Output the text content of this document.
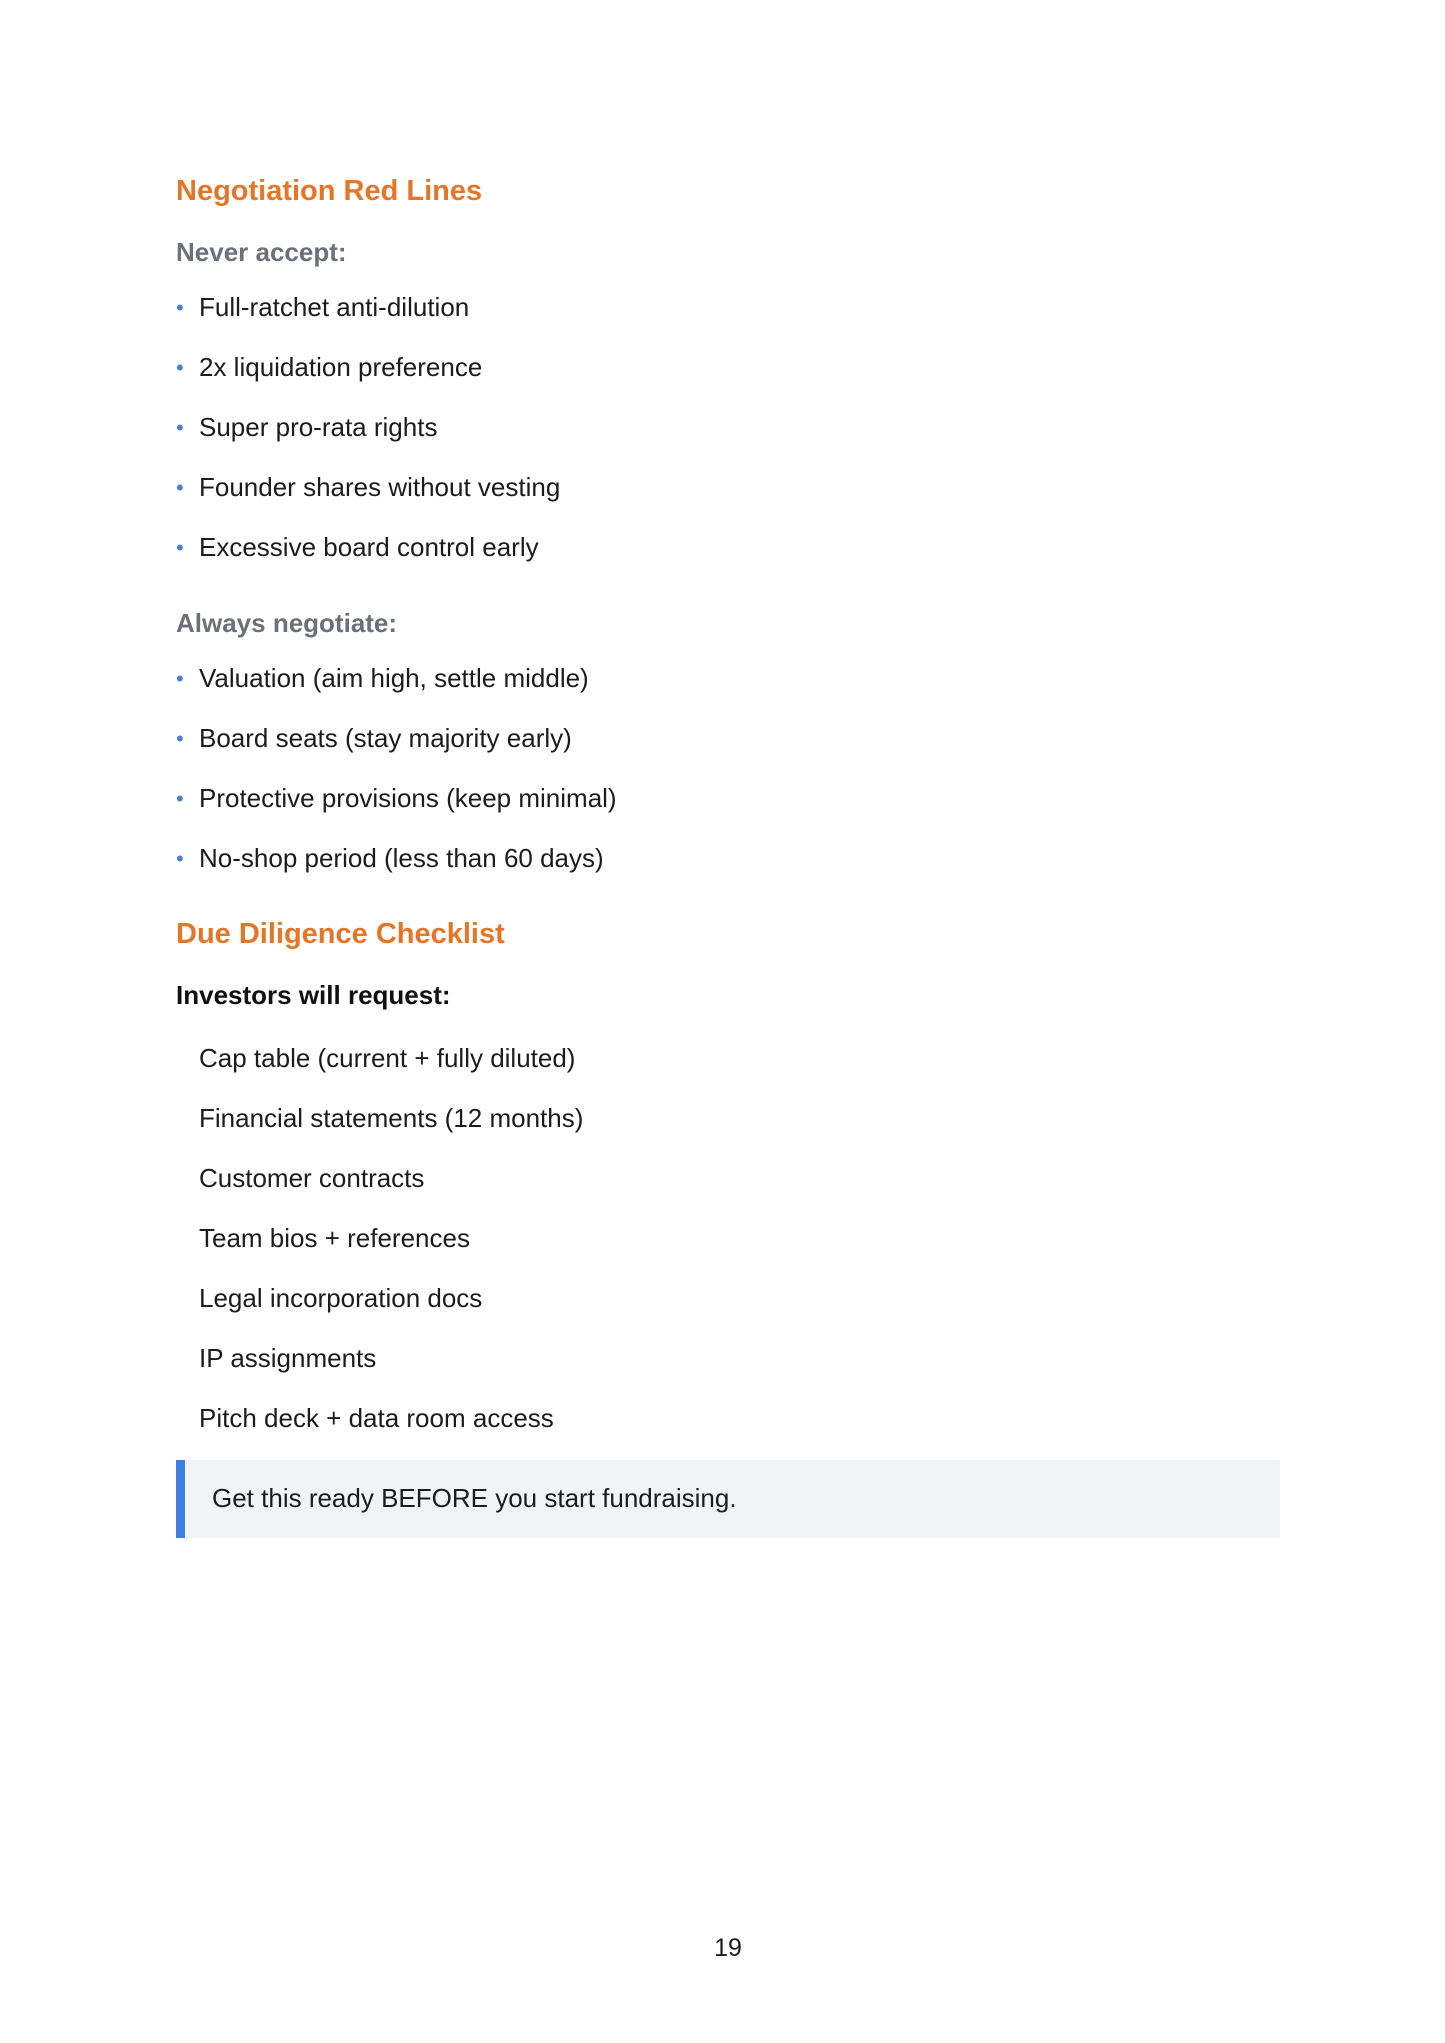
Negotiation Red Lines
Never accept:
• Full-ratchet anti-dilution
• 2x liquidation preference
• Super pro-rata rights
• Founder shares without vesting
• Excessive board control early
Always negotiate:
• Valuation (aim high, settle middle)
• Board seats (stay majority early)
• Protective provisions (keep minimal)
• No-shop period (less than 60 days)
Due Diligence Checklist
Investors will request:
Cap table (current + fully diluted)
Financial statements (12 months)
Customer contracts
Team bios + references
Legal incorporation docs
IP assignments
Pitch deck + data room access
Get this ready BEFORE you start fundraising.
19
